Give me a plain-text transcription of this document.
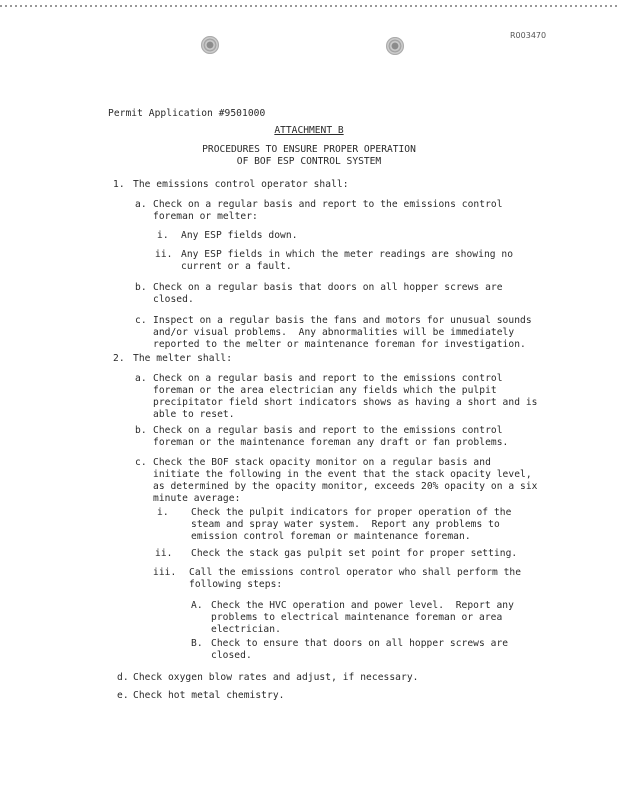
R003470
Permit Application #9501000
ATTACHMENT B
PROCEDURES TO ENSURE PROPER OPERATION
OF BOF ESP CONTROL SYSTEM
1. The emissions control operator shall:
a. Check on a regular basis and report to the emissions control
foreman or melter:
i. Any ESP fields down.
ii. Any ESP fields in which the meter readings are showing no
current or a fault.
b. Check on a regular basis that doors on all hopper screws are
closed.
c. Inspect on a regular basis the fans and motors for unusual sounds
and/or visual problems.  Any abnormalities will be immediately
reported to the melter or maintenance foreman for investigation.
2. The melter shall:
a. Check on a regular basis and report to the emissions control
foreman or the area electrician any fields which the pulpit
precipitator field short indicators shows as having a short and is
able to reset.
b. Check on a regular basis and report to the emissions control
foreman or the maintenance foreman any draft or fan problems.
c. Check the BOF stack opacity monitor on a regular basis and
initiate the following in the event that the stack opacity level,
as determined by the opacity monitor, exceeds 20% opacity on a six
minute average:
i. Check the pulpit indicators for proper operation of the
steam and spray water system.  Report any problems to
emission control foreman or maintenance foreman.
ii. Check the stack gas pulpit set point for proper setting.
iii. Call the emissions control operator who shall perform the
following steps:
A. Check the HVC operation and power level.  Report any
problems to electrical maintenance foreman or area
electrician.
B. Check to ensure that doors on all hopper screws are
closed.
d. Check oxygen blow rates and adjust, if necessary.
e. Check hot metal chemistry.
